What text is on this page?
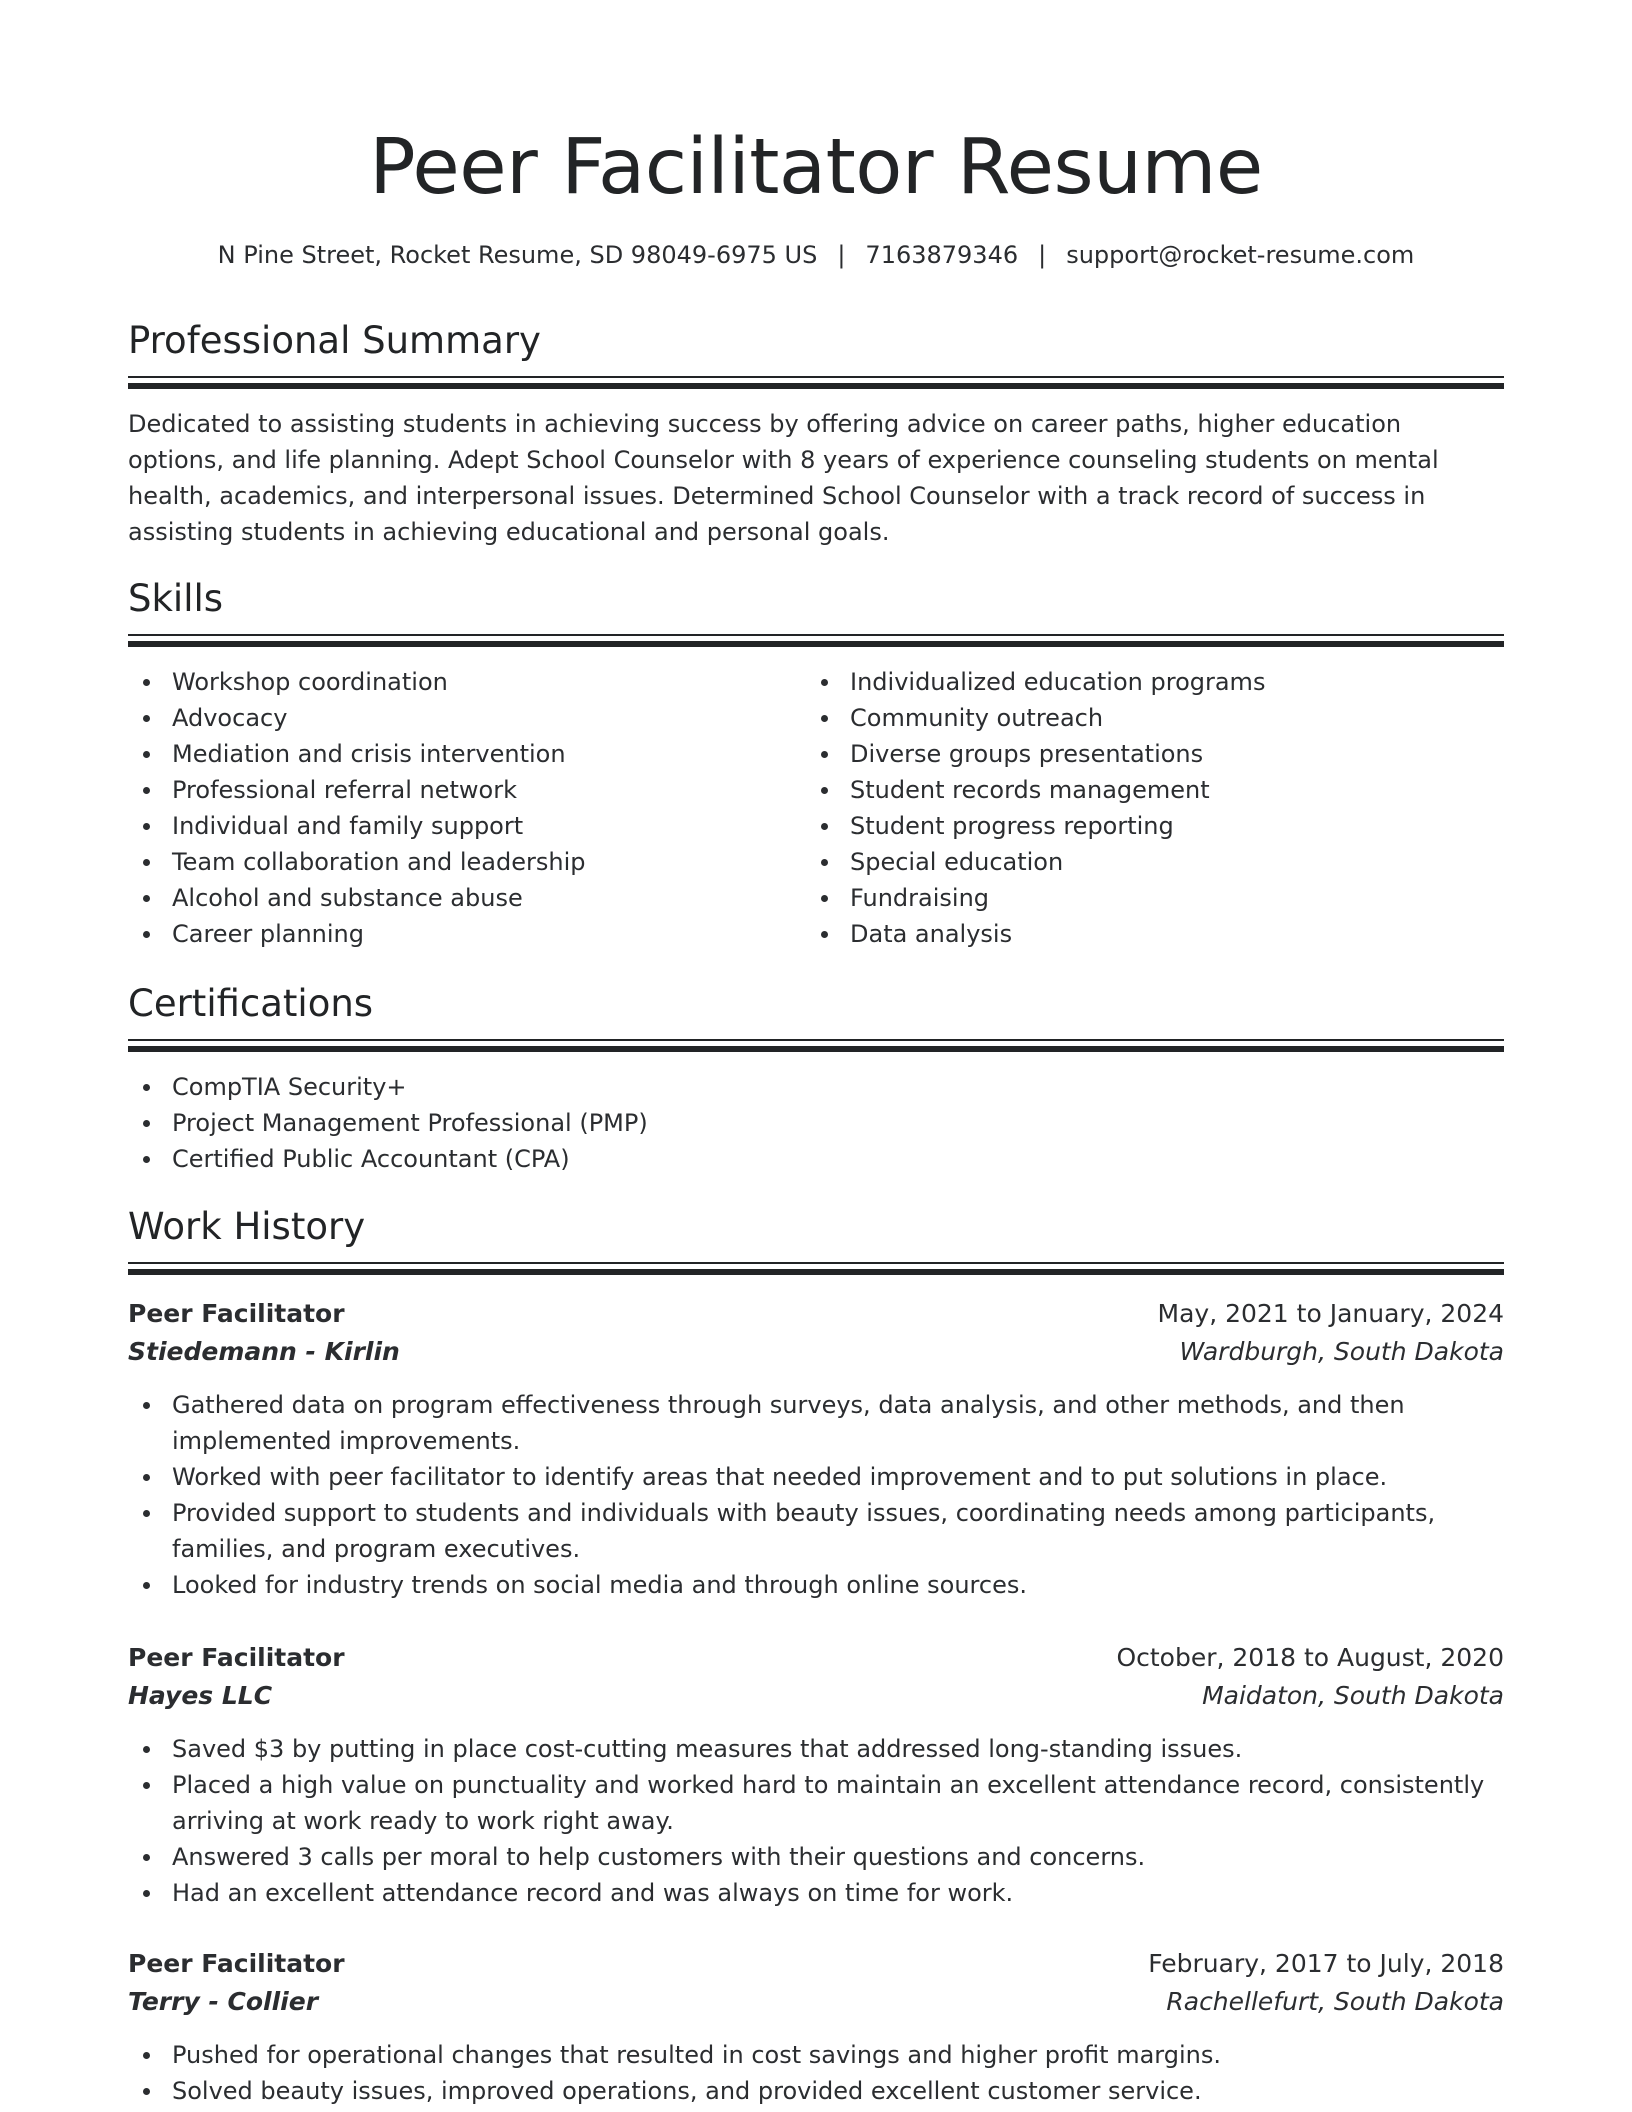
Peer Facilitator Resume
N Pine Street, Rocket Resume, SD 98049-6975 US | 7163879346 | support@rocket-resume.com
Professional Summary

Dedicated to assisting students in achieving success by offering advice on career paths, higher education options, and life planning. Adept School Counselor with 8 years of experience counseling students on mental health, academics, and interpersonal issues. Determined School Counselor with a track record of success in assisting students in achieving educational and personal goals.

Skills
Workshop coordination
Advocacy
Mediation and crisis intervention
Professional referral network
Individual and family support
Team collaboration and leadership
Alcohol and substance abuse
Career planning
Individualized education programs
Community outreach
Diverse groups presentations
Student records management
Student progress reporting
Special education
Fundraising
Data analysis
Certifications
CompTIA Security+
Project Management Professional (PMP)
Certified Public Accountant (CPA)
Work History
Peer Facilitator	May, 2021 to January, 2024
Stiedemann - Kirlin	Wardburgh, South Dakota
Gathered data on program effectiveness through surveys, data analysis, and other methods, and then implemented improvements.
Worked with peer facilitator to identify areas that needed improvement and to put solutions in place.
Provided support to students and individuals with beauty issues, coordinating needs among participants, families, and program executives.
Looked for industry trends on social media and through online sources.
Peer Facilitator	October, 2018 to August, 2020
Hayes LLC	Maidaton, South Dakota
Saved $3 by putting in place cost-cutting measures that addressed long-standing issues.
Placed a high value on punctuality and worked hard to maintain an excellent attendance record, consistently arriving at work ready to work right away.
Answered 3 calls per moral to help customers with their questions and concerns.
Had an excellent attendance record and was always on time for work.
Peer Facilitator	February, 2017 to July, 2018
Terry - Collier	Rachellefurt, South Dakota
Pushed for operational changes that resulted in cost savings and higher profit margins.
Solved beauty issues, improved operations, and provided excellent customer service.
